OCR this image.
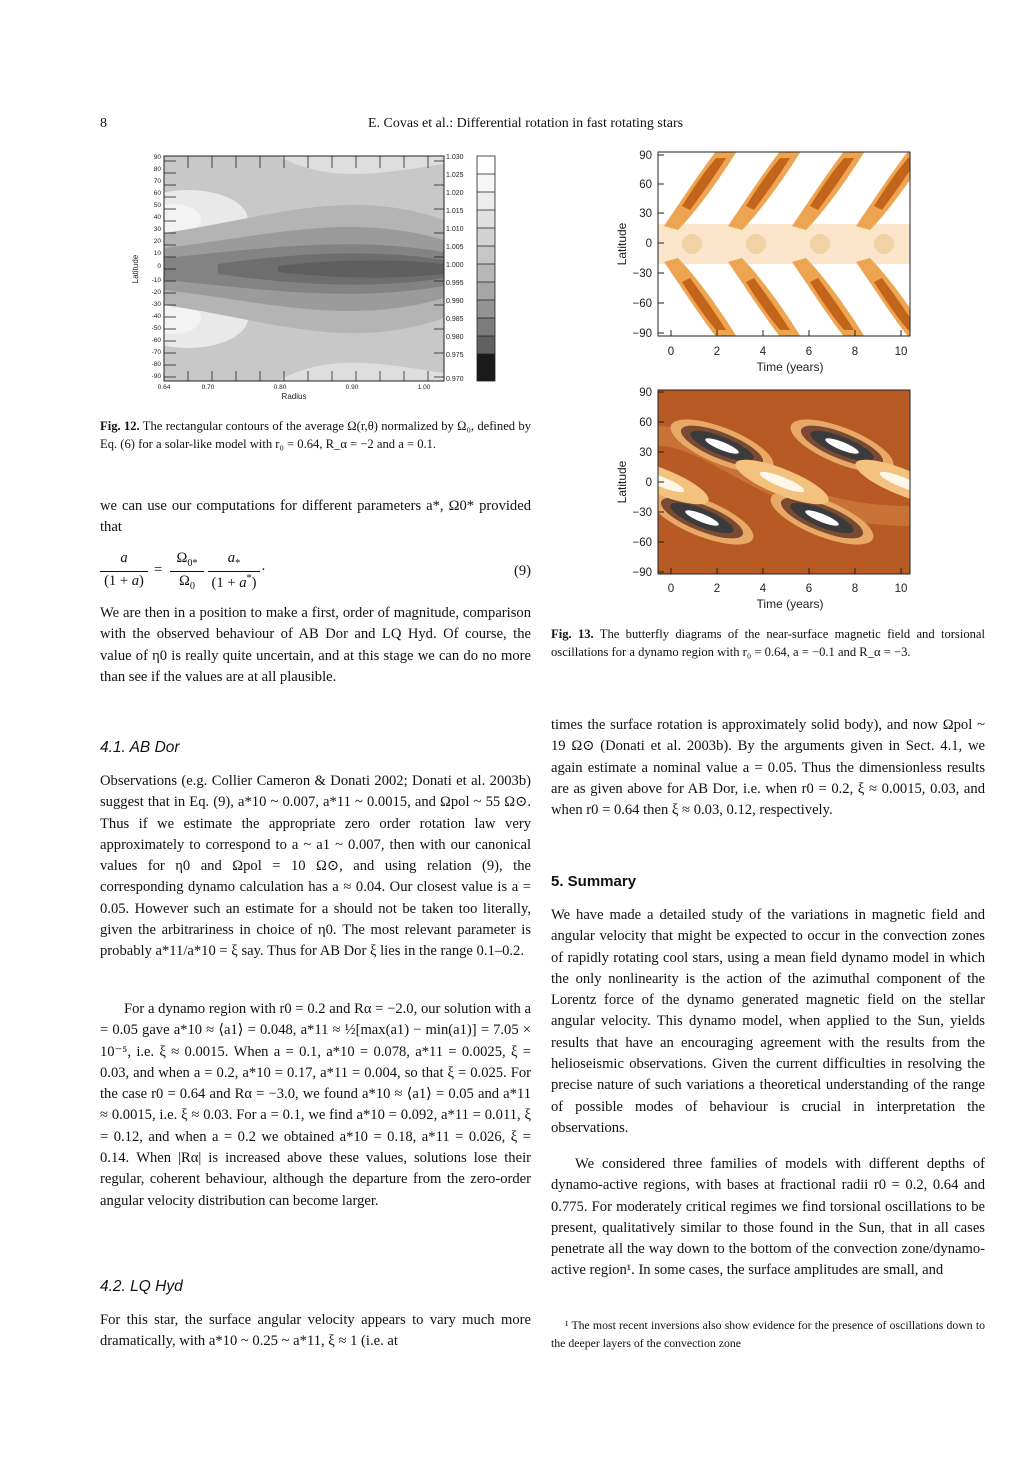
8	E. Covas et al.: Differential rotation in fast rotating stars
90
80
70
60
50
40
30
20
10
0
-10
-20
-30
-40
-50
-60
-70
-80
-90
0.64	0.70	0.80	0.90	1.00
Radius
Latitude
1.030
1.025
1.020
1.015
1.010
1.005
1.000
0.995
0.990
0.985
0.980
0.975
0.970

Fig. 12. The rectangular contours of the average Ω(r,θ) normalized by Ω₀, defined by Eq. (6) for a solar-like model with r₀ = 0.64, R_α = −2 and a = 0.1.

we can use our computations for different parameters a*, Ω0* provided that

a
(1 + a)
=
$\Omega_{0*}$
$\Omega_0$
$a_*$
(1 + a*)
·	(9)

We are then in a position to make a first, order of magnitude, comparison with the observed behaviour of AB Dor and LQ Hyd. Of course, the value of η0 is really quite uncertain, and at this stage we can do no more than see if the values are at all plausible.

4.1. AB Dor

Observations (e.g. Collier Cameron & Donati 2002; Donati et al. 2003b) suggest that in Eq. (9), a*10 ~ 0.007, a*11 ~ 0.0015, and Ωpol ~ 55 Ω⊙. Thus if we estimate the appropriate zero order rotation law very approximately to correspond to a ~ a1 ~ 0.007, then with our canonical values for η0 and Ωpol = 10 Ω⊙, and using relation (9), the corresponding dynamo calculation has a ≈ 0.04. Our closest value is a = 0.05. However such an estimate for a should not be taken too literally, given the arbitrariness in choice of η0. The most relevant parameter is probably a*11/a*10 = ξ say. Thus for AB Dor ξ lies in the range 0.1–0.2.

For a dynamo region with r0 = 0.2 and Rα = −2.0, our solution with a = 0.05 gave a*10 ≈ ⟨a1⟩ = 0.048, a*11 ≈ ½[max(a1) − min(a1)] = 7.05 × 10⁻⁵, i.e. ξ ≈ 0.0015. When a = 0.1, a*10 = 0.078, a*11 = 0.0025, ξ = 0.03, and when a = 0.2, a*10 = 0.17, a*11 = 0.004, so that ξ = 0.025. For the case r0 = 0.64 and Rα = −3.0, we found a*10 ≈ ⟨a1⟩ = 0.05 and a*11 ≈ 0.0015, i.e. ξ ≈ 0.03. For a = 0.1, we find a*10 = 0.092, a*11 = 0.011, ξ = 0.12, and when a = 0.2 we obtained a*10 = 0.18, a*11 = 0.026, ξ = 0.14. When |Rα| is increased above these values, solutions lose their regular, coherent behaviour, although the departure from the zero-order angular velocity distribution can become larger.

4.2. LQ Hyd

For this star, the surface angular velocity appears to vary much more dramatically, with a*10 ~ 0.25 ~ a*11, ξ ≈ 1 (i.e. at

90
60
30
0
−30
−60
−90
0	2	4	6	8	10
Time (years)
Latitude
90
60
30
0
−30
−60
−90
0	2	4	6	8	10
Time (years)
Latitude

Fig. 13. The butterfly diagrams of the near-surface magnetic field and torsional oscillations for a dynamo region with r₀ = 0.64, a = −0.1 and R_α = −3.

times the surface rotation is approximately solid body), and now Ωpol ~ 19 Ω⊙ (Donati et al. 2003b). By the arguments given in Sect. 4.1, we again estimate a nominal value a = 0.05. Thus the dimensionless results are as given above for AB Dor, i.e. when r0 = 0.2, ξ ≈ 0.0015, 0.03, and when r0 = 0.64 then ξ ≈ 0.03, 0.12, respectively.

5. Summary

We have made a detailed study of the variations in magnetic field and angular velocity that might be expected to occur in the convection zones of rapidly rotating cool stars, using a mean field dynamo model in which the only nonlinearity is the action of the azimuthal component of the Lorentz force of the dynamo generated magnetic field on the stellar angular velocity. This dynamo model, when applied to the Sun, yields results that have an encouraging agreement with the results from the helioseismic observations. Given the current difficulties in resolving the precise nature of such variations a theoretical understanding of the range of possible modes of behaviour is crucial in interpretation the observations.

We considered three families of models with different depths of dynamo-active regions, with bases at fractional radii r0 = 0.2, 0.64 and 0.775. For moderately critical regimes we find torsional oscillations to be present, qualitatively similar to those found in the Sun, that in all cases penetrate all the way down to the bottom of the convection zone/dynamo-active region¹. In some cases, the surface amplitudes are small, and

¹ The most recent inversions also show evidence for the presence of oscillations down to the deeper layers of the convection zone
